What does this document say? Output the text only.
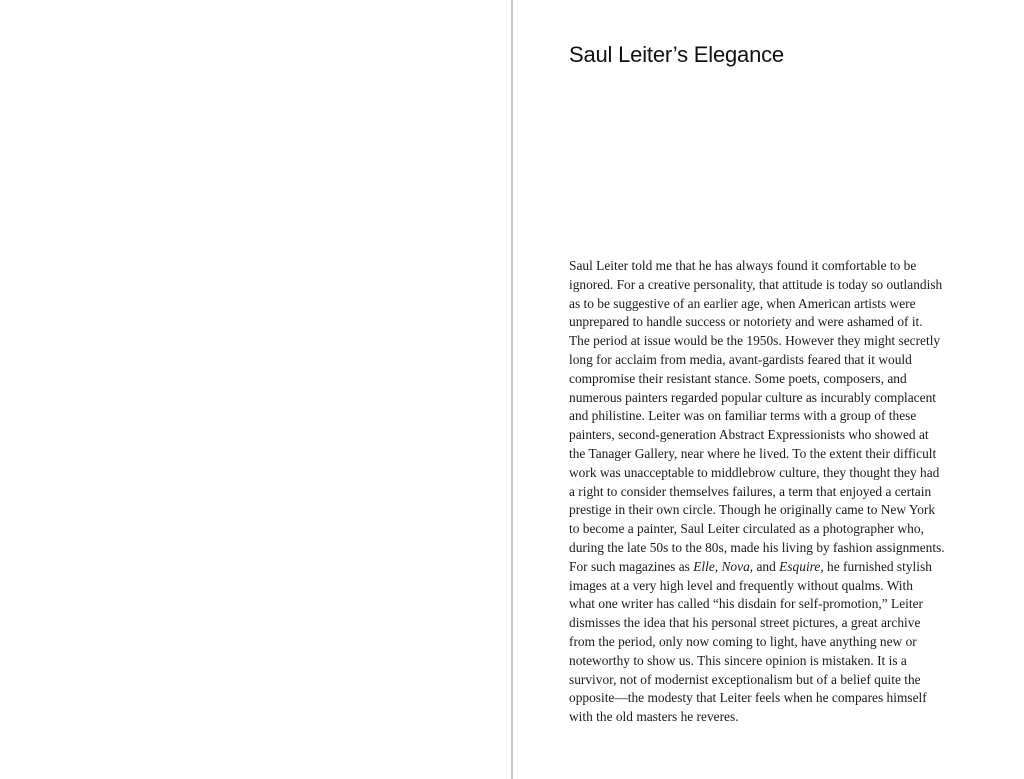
Saul Leiter’s Elegance
Saul Leiter told me that he has always found it comfortable to be
ignored. For a creative personality, that attitude is today so outlandish
as to be suggestive of an earlier age, when American artists were
unprepared to handle success or notoriety and were ashamed of it.
The period at issue would be the 1950s. However they might secretly
long for acclaim from media, avant-gardists feared that it would
compromise their resistant stance. Some poets, composers, and
numerous painters regarded popular culture as incurably complacent
and philistine. Leiter was on familiar terms with a group of these
painters, second-generation Abstract Expressionists who showed at
the Tanager Gallery, near where he lived. To the extent their difficult
work was unacceptable to middlebrow culture, they thought they had
a right to consider themselves failures, a term that enjoyed a certain
prestige in their own circle. Though he originally came to New York
to become a painter, Saul Leiter circulated as a photographer who,
during the late 50s to the 80s, made his living by fashion assignments.
For such magazines as Elle, Nova, and Esquire, he furnished stylish
images at a very high level and frequently without qualms. With
what one writer has called “his disdain for self-promotion,” Leiter
dismisses the idea that his personal street pictures, a great archive
from the period, only now coming to light, have anything new or
noteworthy to show us. This sincere opinion is mistaken. It is a
survivor, not of modernist exceptionalism but of a belief quite the
opposite—the modesty that Leiter feels when he compares himself
with the old masters he reveres.
